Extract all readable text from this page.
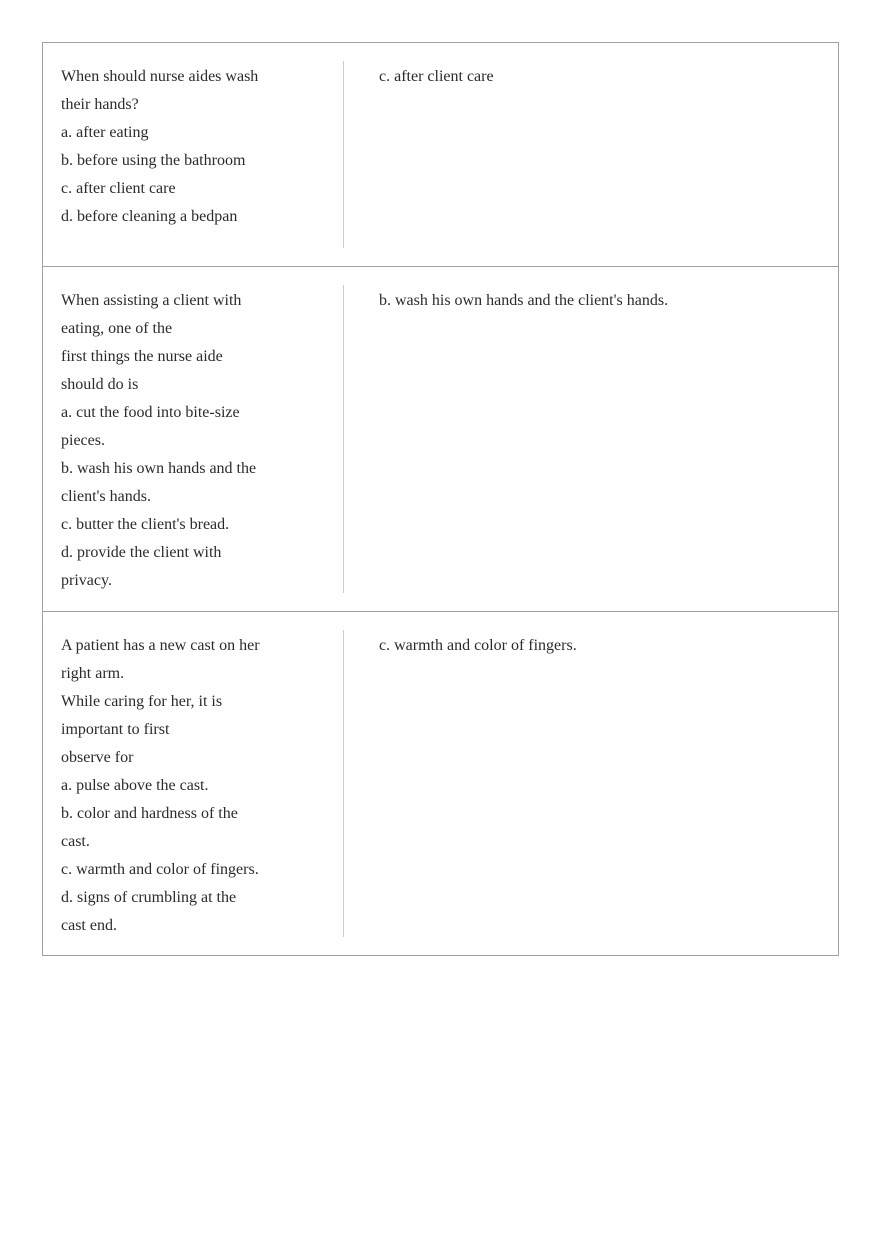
When should nurse aides wash
their hands?
a. after eating
b. before using the bathroom
c. after client care
d. before cleaning a bedpan
c. after client care
When assisting a client with
eating, one of the
first things the nurse aide
should do is
a. cut the food into bite-size
pieces.
b. wash his own hands and the
client's hands.
c. butter the client's bread.
d. provide the client with
privacy.
b. wash his own hands and the client's hands.
A patient has a new cast on her
right arm.
While caring for her, it is
important to first
observe for
a. pulse above the cast.
b. color and hardness of the
cast.
c. warmth and color of fingers.
d. signs of crumbling at the
cast end.
c. warmth and color of fingers.
